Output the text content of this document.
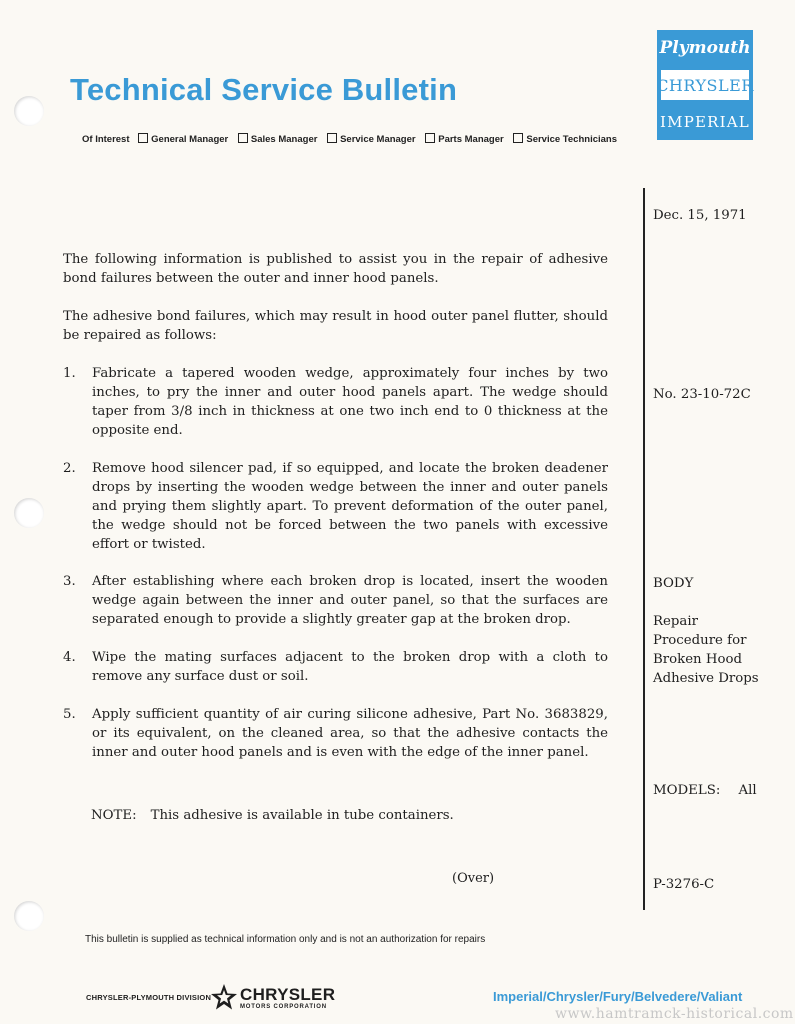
Technical Service Bulletin
Of Interest General Manager Sales Manager Service Manager Parts Manager Service Technicians
Plymouth
CHRYSLER
IMPERIAL
The following information is published to assist you in the repair of adhesive bond failures between the outer and inner hood panels.
The adhesive bond failures, which may result in hood outer panel flutter, should be repaired as follows:
1. Fabricate a tapered wooden wedge, approximately four inches by two inches, to pry the inner and outer hood panels apart. The wedge should taper from 3/8 inch in thickness at one two inch end to 0 thickness at the opposite end.
2. Remove hood silencer pad, if so equipped, and locate the broken deadener drops by inserting the wooden wedge between the inner and outer panels and prying them slightly apart. To prevent deformation of the outer panel, the wedge should not be forced between the two panels with excessive effort or twisted.
3. After establishing where each broken drop is located, insert the wooden wedge again between the inner and outer panel, so that the surfaces are separated enough to provide a slightly greater gap at the broken drop.
4. Wipe the mating surfaces adjacent to the broken drop with a cloth to remove any surface dust or soil.
5. Apply sufficient quantity of air curing silicone adhesive, Part No. 3683829, or its equivalent, on the cleaned area, so that the adhesive contacts the inner and outer hood panels and is even with the edge of the inner panel.
NOTE: This adhesive is available in tube containers.
(Over)
Dec. 15, 1971
No. 23-10-72C
BODY
Repair
Procedure for
Broken Hood
Adhesive Drops
MODELS: All
P-3276-C
This bulletin is supplied as technical information only and is not an authorization for repairs
CHRYSLER-PLYMOUTH DIVISION CHRYSLER
MOTORS CORPORATION
Imperial/Chrysler/Fury/Belvedere/Valiant
www.hamtramck-historical.com
